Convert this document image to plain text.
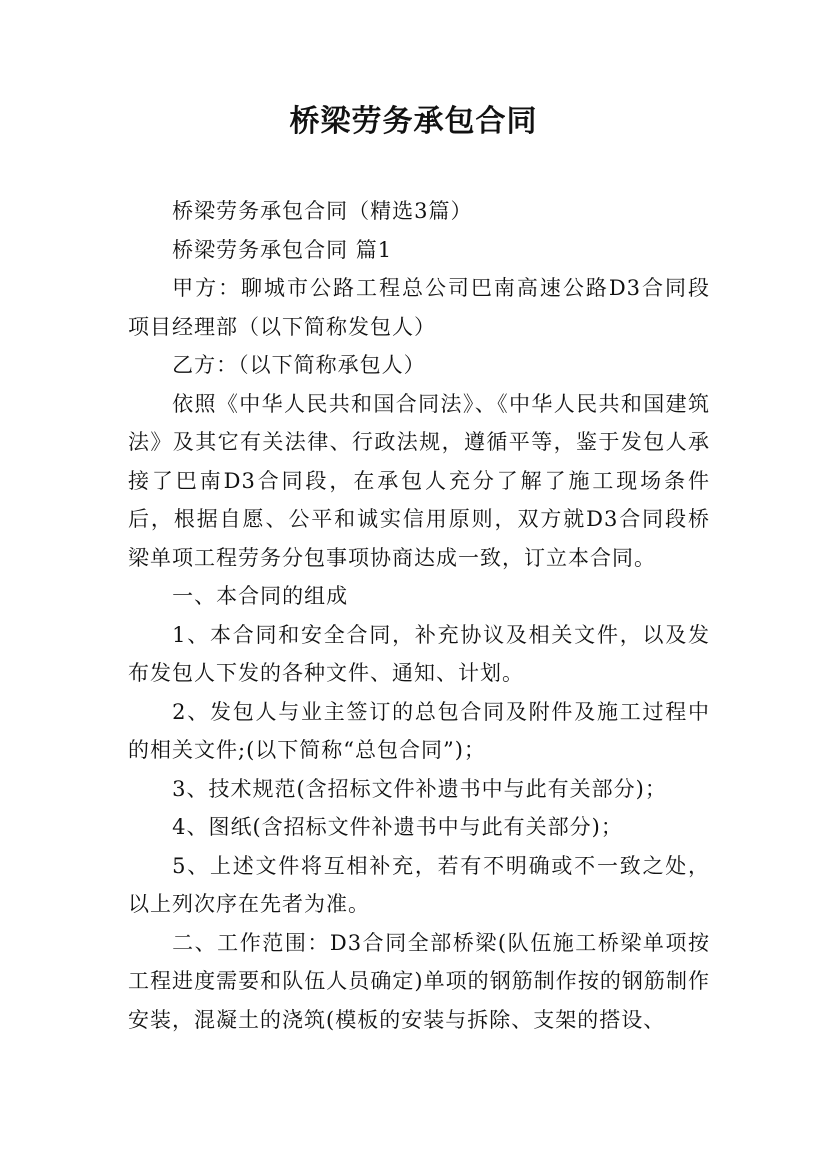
桥梁劳务承包合同

桥梁劳务承包合同（精选3篇）

桥梁劳务承包合同 篇1

甲方：聊城市公路工程总公司巴南高速公路D3合同段项目经理部（以下简称发包人）

乙方：（以下简称承包人）

依照《中华人民共和国合同法》、《中华人民共和国建筑法》及其它有关法律、行政法规，遵循平等，鉴于发包人承接了巴南D3合同段，在承包人充分了解了施工现场条件后，根据自愿、公平和诚实信用原则，双方就D3合同段桥梁单项工程劳务分包事项协商达成一致，订立本合同。

一、本合同的组成

1、本合同和安全合同，补充协议及相关文件，以及发布发包人下发的各种文件、通知、计划。

2、发包人与业主签订的总包合同及附件及施工过程中的相关文件;(以下简称“总包合同”)；

3、技术规范(含招标文件补遗书中与此有关部分)；

4、图纸(含招标文件补遗书中与此有关部分)；

5、上述文件将互相补充，若有不明确或不一致之处，以上列次序在先者为准。

二、工作范围：D3合同全部桥梁(队伍施工桥梁单项按工程进度需要和队伍人员确定)单项的钢筋制作按的钢筋制作安装，混凝土的浇筑(模板的安装与拆除、支架的搭设、
